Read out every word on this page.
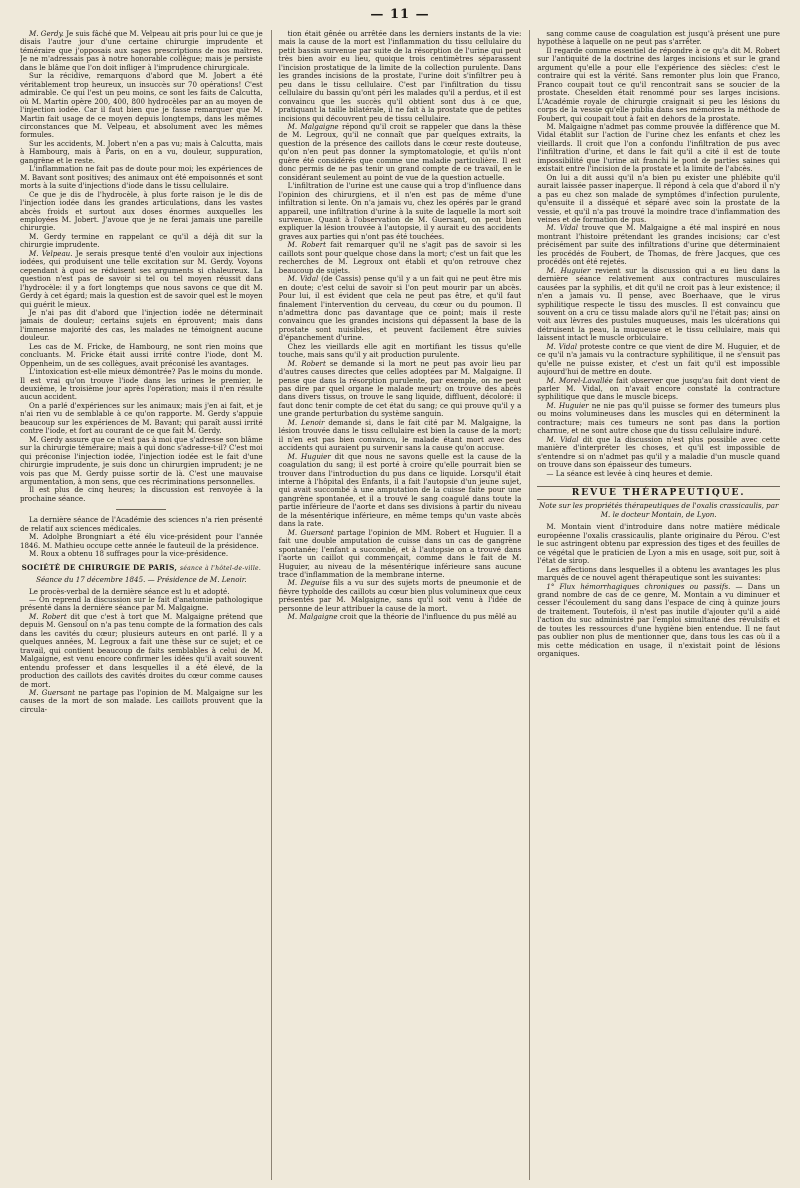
— 11 —

M. Gerdy. Je suis fâché que M. Velpeau ait pris pour lui ce que je disais l'autre jour d'une certaine chirurgie imprudente et téméraire que j'opposais aux sages prescriptions de nos maîtres. Je ne m'adressais pas à notre honorable collègue; mais je persiste dans le blâme que l'on doit infliger à l'imprudence chirurgicale.

Sur la récidive, remarquons d'abord que M. Jobert a été véritablement trop heureux, un insuccès sur 70 opérations! C'est admirable. Ce qui l'est un peu moins, ce sont les faits de Calcutta, où M. Martin opère 200, 400, 800 hydrocèles par an au moyen de l'injection iodée. Car il faut bien que je fasse remarquer que M. Martin fait usage de ce moyen depuis longtemps, dans les mêmes circonstances que M. Velpeau, et absolument avec les mêmes formules.

Sur les accidents, M. Jobert n'en a pas vu; mais à Calcutta, mais à Hambourg, mais à Paris, on en a vu, douleur, suppuration, gangrène et le reste.

L'inflammation ne fait pas de doute pour moi; les expériences de M. Bavant sont positives; des animaux ont été empoisonnés et sont morts à la suite d'injections d'iode dans le tissu cellulaire.

Ce que je dis de l'hydrocèle, à plus forte raison je le dis de l'injection iodée dans les grandes articulations, dans les vastes abcès froids et surtout aux doses énormes auxquelles les employées M. Jobert. J'avoue que je ne ferai jamais une pareille chirurgie.

M. Gerdy termine en rappelant ce qu'il a déjà dit sur la chirurgie imprudente.

M. Velpeau. Je serais presque tenté d'en vouloir aux injections iodées, qui produisent une telle excitation sur M. Gerdy. Voyons cependant à quoi se réduisent ses arguments si chaleureux. La question n'est pas de savoir si tel ou tel moyen réussit dans l'hydrocèle: il y a fort longtemps que nous savons ce que dit M. Gerdy à cet égard; mais la question est de savoir quel est le moyen qui guérit le mieux.

Je n'ai pas dit d'abord que l'injection iodée ne déterminait jamais de douleur; certains sujets en éprouvent; mais dans l'immense majorité des cas, les malades ne témoignent aucune douleur.

Les cas de M. Fricke, de Hambourg, ne sont rien moins que concluants. M. Fricke était aussi irrité contre l'iode, dont M. Oppenheim, un de ses collègues, avait préconisé les avantages.

L'intoxication est-elle mieux démontrée? Pas le moins du monde. Il est vrai qu'on trouve l'iode dans les urines le premier, le deuxième, le troisième jour après l'opération; mais il n'en résulte aucun accident.

On a parlé d'expériences sur les animaux; mais j'en ai fait, et je n'ai rien vu de semblable à ce qu'on rapporte. M. Gerdy s'appuie beaucoup sur les expériences de M. Bavant; qui paraît aussi irrité contre l'iode, et fort au courant de ce que fait M. Gerdy.

M. Gerdy assure que ce n'est pas à moi que s'adresse son blâme sur la chirurgie téméraire; mais à qui donc s'adresse-t-il? C'est moi qui préconise l'injection iodée, l'injection iodée est le fait d'une chirurgie imprudente, je suis donc un chirurgien imprudent; je ne vois pas que M. Gerdy puisse sortir de là. C'est une mauvaise argumentation, à mon sens, que ces récriminations personnelles.

Il est plus de cinq heures; la discussion est renvoyée à la prochaine séance.

La dernière séance de l'Académie des sciences n'a rien présenté de relatif aux sciences médicales.

M. Adolphe Brongniart a été élu vice-président pour l'année 1846. M. Mathieu occupe cette année le fauteuil de la présidence.

M. Roux a obtenu 18 suffrages pour la vice-présidence.

SOCIÉTÉ DE CHIRURGIE DE PARIS, séance à l'hôtel-de-ville.
Séance du 17 décembre 1845. — Présidence de M. Lenoir.

Le procès-verbal de la dernière séance est lu et adopté.

— On reprend la discussion sur le fait d'anatomie pathologique présenté dans la dernière séance par M. Malgaigne.

M. Robert dit que c'est à tort que M. Malgaigne prétend que depuis M. Gensoul on n'a pas tenu compte de la formation des cals dans les cavités du cœur; plusieurs auteurs en ont parlé. Il y a quelques années, M. Legroux a fait une thèse sur ce sujet; et ce travail, qui contient beaucoup de faits semblables à celui de M. Malgaigne, est venu encore confirmer les idées qu'il avait souvent entendu professer et dans lesquelles il a été élevé, de la production des caillots des cavités droites du cœur comme causes de mort.

M. Guersant ne partage pas l'opinion de M. Malgaigne sur les causes de la mort de son malade. Les caillots prouvent que la circula-

tion était gênée ou arrêtée dans les derniers instants de la vie: mais la cause de la mort est l'inflammation du tissu cellulaire du petit bassin survenue par suite de la résorption de l'urine qui peut très bien avoir eu lieu, quoique trois centimètres séparassent l'incision prostatique de la limite de la collection purulente. Dans les grandes incisions de la prostate, l'urine doit s'infiltrer peu à peu dans le tissu cellulaire. C'est par l'infiltration du tissu cellulaire du bassin qu'ont péri les malades qu'il a perdus, et il est convaincu que les succès qu'il obtient sont dus à ce que, pratiquant la taille bilatérale, il ne fait à la prostate que de petites incisions qui découvrent peu de tissu cellulaire.

M. Malgaigne répond qu'il croit se rappeler que dans la thèse de M. Legroux, qu'il ne connaît que par quelques extraits, la question de la présence des caillots dans le cœur reste douteuse, qu'on n'en peut pas donner la symptomatologie, et qu'ils n'ont guère été considérés que comme une maladie particulière. Il est donc permis de ne pas tenir un grand compte de ce travail, en le considérant seulement au point de vue de la question actuelle.

L'infiltration de l'urine est une cause qui a trop d'influence dans l'opinion des chirurgiens, et il n'en est pas de même d'une infiltration si lente. On n'a jamais vu, chez les opérés par le grand appareil, une infiltration d'urine à la suite de laquelle la mort soit survenue. Quant à l'observation de M. Guersant, on peut bien expliquer la lésion trouvée à l'autopsie, il y aurait eu des accidents graves aux parties qui n'ont pas été touchées.

M. Robert fait remarquer qu'il ne s'agit pas de savoir si les caillots sont pour quelque chose dans la mort; c'est un fait que les recherches de M. Legroux ont établi et qu'on retrouve chez beaucoup de sujets.

M. Vidal (de Cassis) pense qu'il y a un fait qui ne peut être mis en doute; c'est celui de savoir si l'on peut mourir par un abcès. Pour lui, il est évident que cela ne peut pas être, et qu'il faut finalement l'intervention du cerveau, du cœur ou du poumon. Il n'admettra donc pas davantage que ce point; mais il reste convaincu que les grandes incisions qui dépassent la base de la prostate sont nuisibles, et peuvent facilement être suivies d'épanchement d'urine.

Chez les vieillards elle agit en mortifiant les tissus qu'elle touche, mais sans qu'il y ait production purulente.

M. Robert se demande si la mort ne peut pas avoir lieu par d'autres causes directes que celles adoptées par M. Malgaigne. Il pense que dans la résorption purulente, par exemple, on ne peut pas dire par quel organe le malade meurt; on trouve des abcès dans divers tissus, on trouve le sang liquide, diffluent, décoloré: il faut donc tenir compte de cet état du sang; ce qui prouve qu'il y a une grande perturbation du système sanguin.

M. Lenoir demande si, dans le fait cité par M. Malgaigne, la lésion trouvée dans le tissu cellulaire est bien la cause de la mort; il n'en est pas bien convaincu, le malade étant mort avec des accidents qui auraient pu survenir sans la cause qu'on accuse.

M. Huguier dit que nous ne savons quelle est la cause de la coagulation du sang; il est porté à croire qu'elle pourrait bien se trouver dans l'introduction du pus dans ce liquide. Lorsqu'il était interne à l'hôpital des Enfants, il a fait l'autopsie d'un jeune sujet, qui avait succombé à une amputation de la cuisse faite pour une gangrène spontanée, et il a trouvé le sang coagulé dans toute la partie inférieure de l'aorte et dans ses divisions à partir du niveau de la mésentérique inférieure, en même temps qu'un vaste abcès dans la rate.

M. Guersant partage l'opinion de MM. Robert et Huguier. Il a fait une double amputation de cuisse dans un cas de gangrène spontanée; l'enfant a succombé, et à l'autopsie on a trouvé dans l'aorte un caillot qui commençait, comme dans le fait de M. Huguier, au niveau de la mésentérique inférieure sans aucune trace d'inflammation de la membrane interne.

M. Deguise fils a vu sur des sujets morts de pneumonie et de fièvre typhoïde des caillots au cœur bien plus volumineux que ceux présentés par M. Malgaigne, sans qu'il soit venu à l'idée de personne de leur attribuer la cause de la mort.

M. Malgaigne croit que la théorie de l'influence du pus mêlé au

sang comme cause de coagulation est jusqu'à présent une pure hypothèse à laquelle on ne peut pas s'arrêter.

Il regarde comme essentiel de répondre à ce qu'a dit M. Robert sur l'antiquité de la doctrine des larges incisions et sur le grand argument qu'elle a pour elle l'expérience des siècles: c'est le contraire qui est la vérité. Sans remonter plus loin que Franco, Franco coupait tout ce qu'il rencontrait sans se soucier de la prostate. Cheselden était renommé pour ses larges incisions. L'Académie royale de chirurgie craignait si peu les lésions du corps de la vessie qu'elle publia dans ses mémoires la méthode de Foubert, qui coupait tout à fait en dehors de la prostate.

M. Malgaigne n'admet pas comme prouvée la différence que M. Vidal établit sur l'action de l'urine chez les enfants et chez les vieillards. Il croit que l'on a confondu l'infiltration de pus avec l'infiltration d'urine, et dans le fait qu'il a cité il est de toute impossibilité que l'urine ait franchi le pont de parties saines qui existait entre l'incision de la prostate et la limite de l'abcès.

On lui a dit aussi qu'il n'a bien pu exister une phlébite qu'il aurait laissée passer inaperçue. Il répond à cela que d'abord il n'y a pas eu chez son malade de symptômes d'infection purulente, qu'ensuite il a disséqué et séparé avec soin la prostate de la vessie, et qu'il n'a pas trouvé la moindre trace d'inflammation des veines et de formation de pus.

M. Vidal trouve que M. Malgaigne a été mal inspiré en nous montrant l'histoire prétendant les grandes incisions; car c'est précisément par suite des infiltrations d'urine que déterminaient les procédés de Foubert, de Thomas, de frère Jacques, que ces procédés ont été rejetés.

M. Huguier revient sur la discussion qui a eu lieu dans la dernière séance relativement aux contractures musculaires causées par la syphilis, et dit qu'il ne croit pas à leur existence; il n'en a jamais vu. Il pense, avec Boerhaave, que le virus syphilitique respecte le tissu des muscles. Il est convaincu que souvent on a cru ce tissu malade alors qu'il ne l'était pas; ainsi on voit aux lèvres des pustules muqueuses, mais les ulcérations qui détruisent la peau, la muqueuse et le tissu cellulaire, mais qui laissent intact le muscle orbiculaire.

M. Vidal proteste contre ce que vient de dire M. Huguier, et de ce qu'il n'a jamais vu la contracture syphilitique, il ne s'ensuit pas qu'elle ne puisse exister, et c'est un fait qu'il est impossible aujourd'hui de mettre en doute.

M. Morel-Lavallée fait observer que jusqu'au fait dont vient de parler M. Vidal, on n'avait encore constaté la contracture syphilitique que dans le muscle biceps.

M. Huguier ne nie pas qu'il puisse se former des tumeurs plus ou moins volumineuses dans les muscles qui en déterminent la contracture; mais ces tumeurs ne sont pas dans la portion charnue, et ne sont autre chose que du tissu cellulaire induré.

M. Vidal dit que la discussion n'est plus possible avec cette manière d'interpréter les choses, et qu'il est impossible de s'entendre si on n'admet pas qu'il y a maladie d'un muscle quand on trouve dans son épaisseur des tumeurs.

— La séance est levée à cinq heures et demie.

REVUE THÉRAPEUTIQUE.
Note sur les propriétés thérapeutiques de l'oxalis crassicaulis, par M. le docteur Montain, de Lyon.

M. Montain vient d'introduire dans notre matière médicale européenne l'oxalis crassicaulis, plante originaire du Pérou. C'est le suc astringent obtenu par expression des tiges et des feuilles de ce végétal que le praticien de Lyon a mis en usage, soit pur, soit à l'état de sirop.

Les affections dans lesquelles il a obtenu les avantages les plus marqués de ce nouvel agent thérapeutique sont les suivantes:

1° Flux hémorrhagiques chroniques ou passifs. — Dans un grand nombre de cas de ce genre, M. Montain a vu diminuer et cesser l'écoulement du sang dans l'espace de cinq à quinze jours de traitement. Toutefois, il n'est pas inutile d'ajouter qu'il a aidé l'action du suc administré par l'emploi simultané des révulsifs et de toutes les ressources d'une hygiène bien entendue. Il ne faut pas oublier non plus de mentionner que, dans tous les cas où il a mis cette médication en usage, il n'existait point de lésions organiques.
